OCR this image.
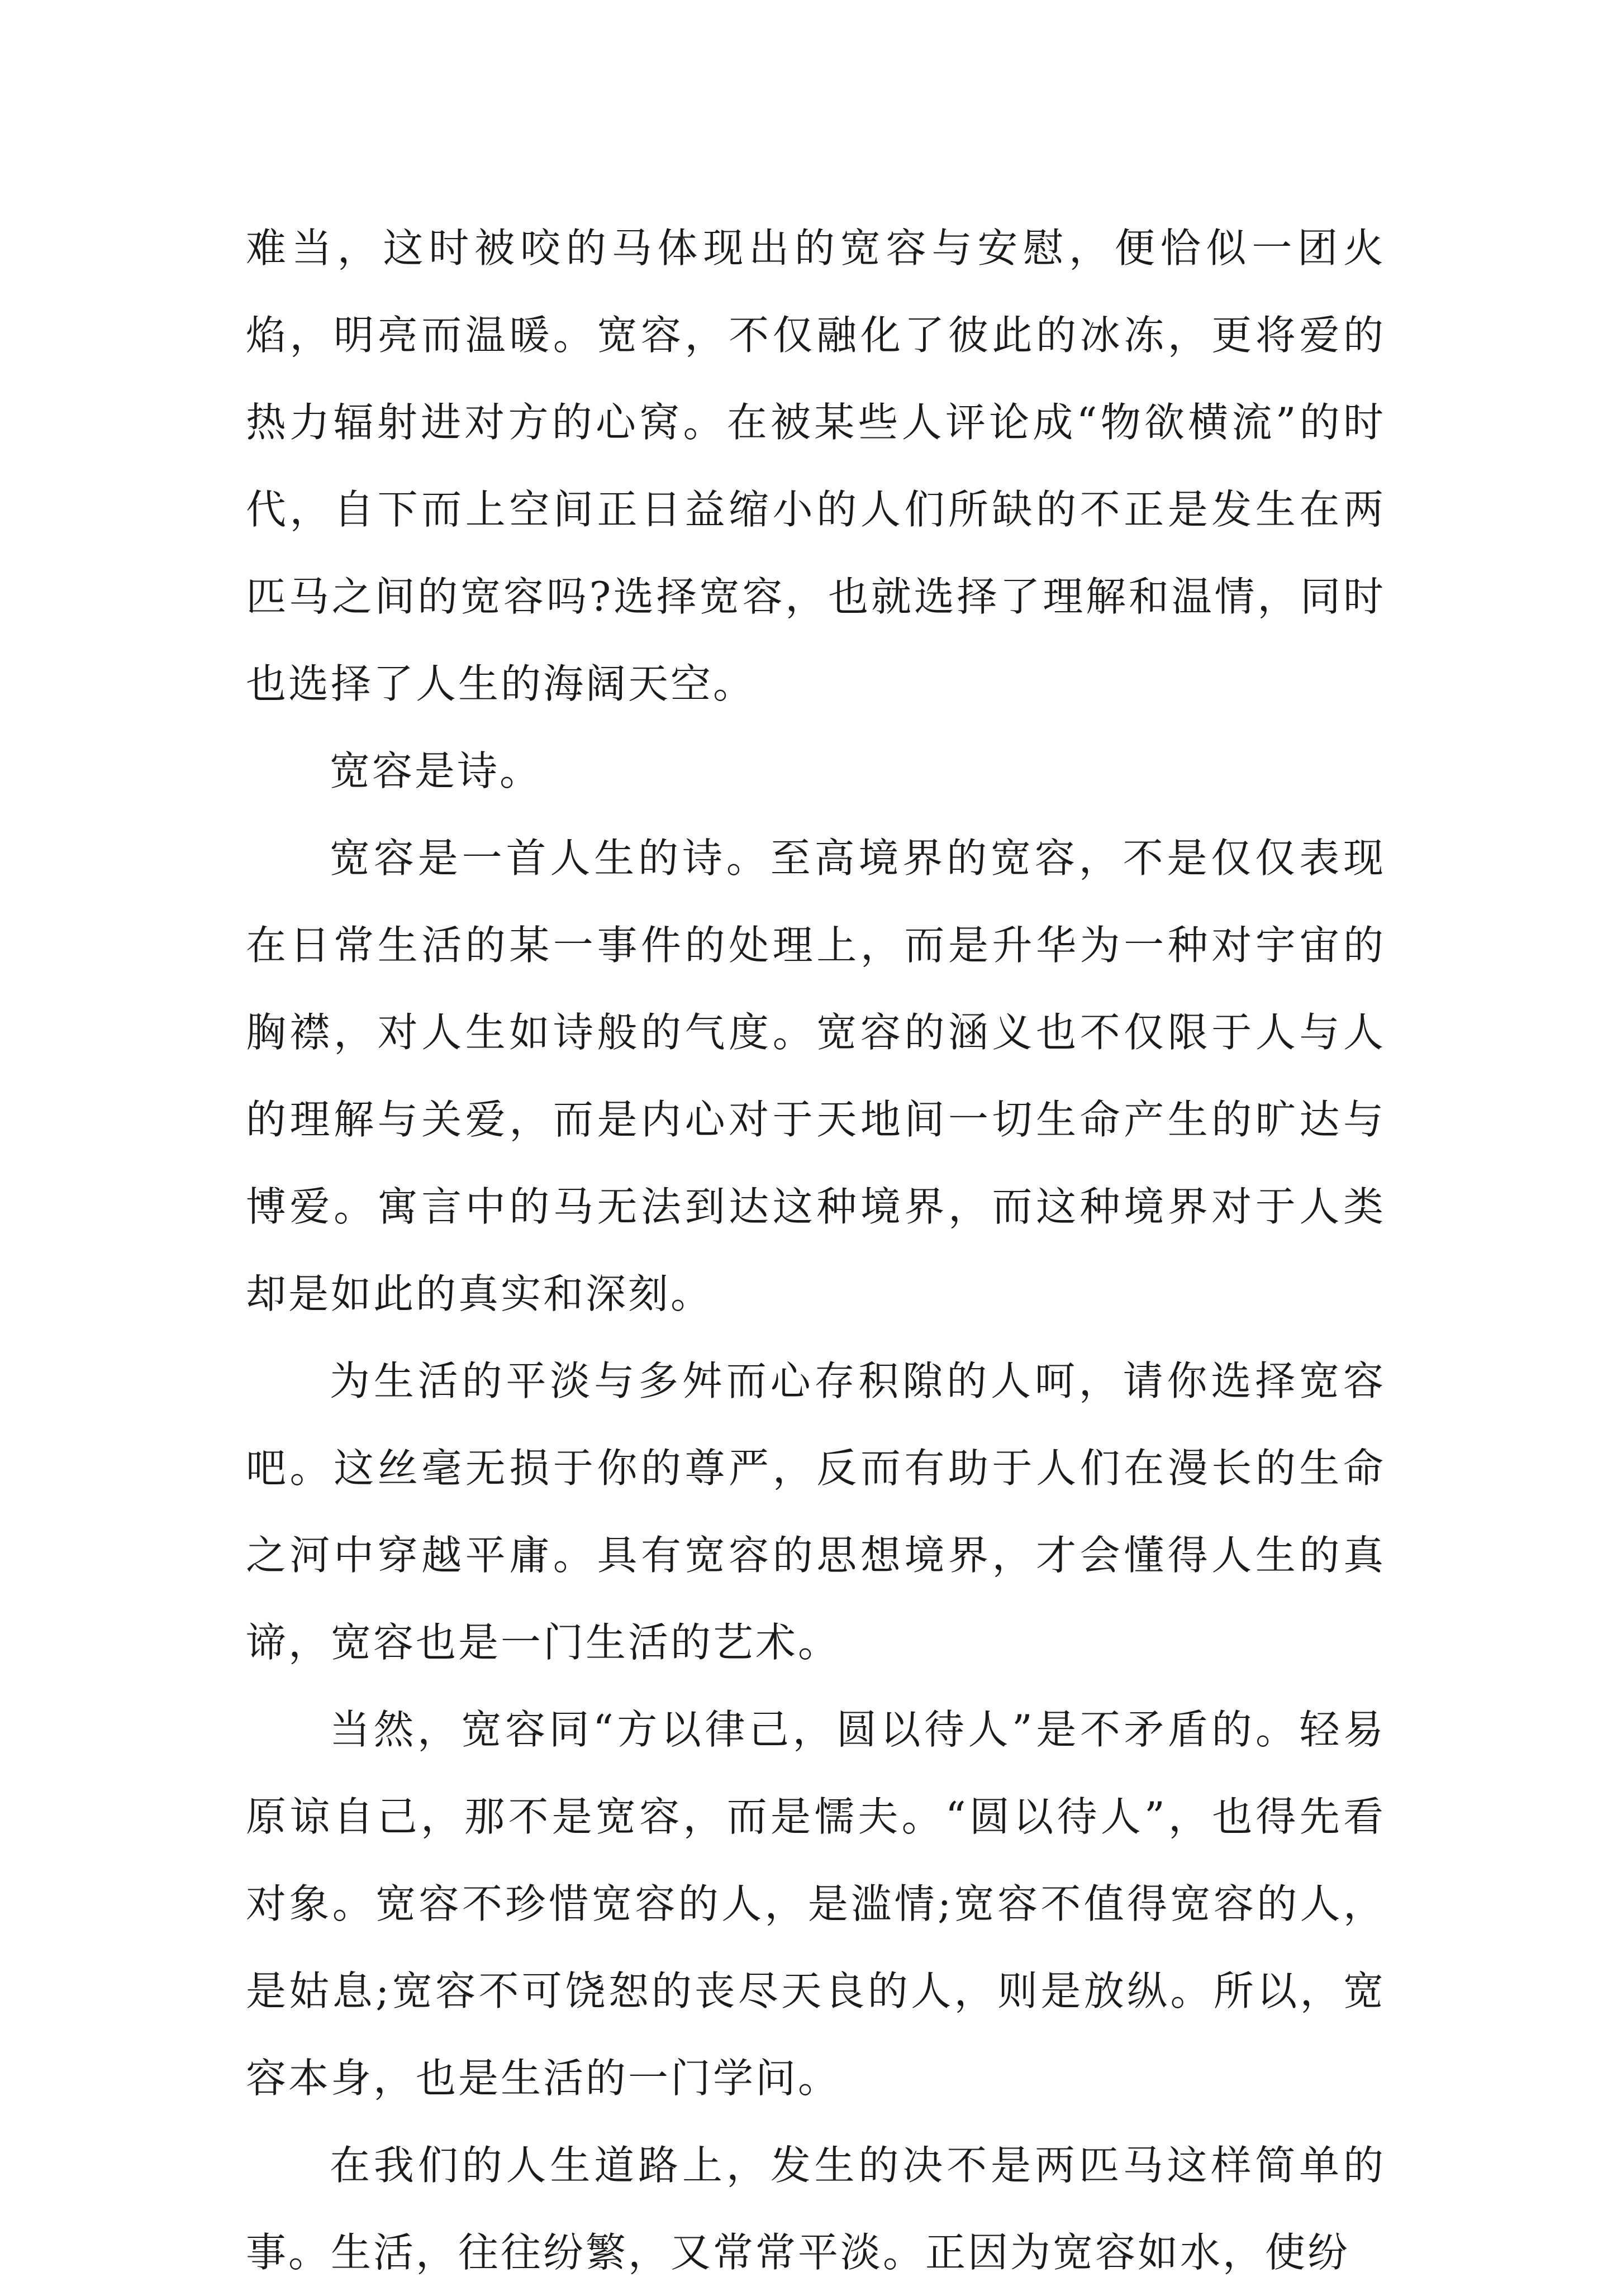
难当，这时被咬的马体现出的宽容与安慰，便恰似一团火焰，明亮而温暖。宽容，不仅融化了彼此的冰冻，更将爱的热力辐射进对方的心窝。在被某些人评论成“物欲横流”的时代，自下而上空间正日益缩小的人们所缺的不正是发生在两匹马之间的宽容吗?选择宽容，也就选择了理解和温情，同时也选择了人生的海阔天空。

宽容是诗。

宽容是一首人生的诗。至高境界的宽容，不是仅仅表现在日常生活的某一事件的处理上，而是升华为一种对宇宙的胸襟，对人生如诗般的气度。宽容的涵义也不仅限于人与人的理解与关爱，而是内心对于天地间一切生命产生的旷达与博爱。寓言中的马无法到达这种境界，而这种境界对于人类却是如此的真实和深刻。

为生活的平淡与多舛而心存积隙的人呵，请你选择宽容吧。这丝毫无损于你的尊严，反而有助于人们在漫长的生命之河中穿越平庸。具有宽容的思想境界，才会懂得人生的真谛，宽容也是一门生活的艺术。

当然，宽容同“方以律己，圆以待人”是不矛盾的。轻易原谅自己，那不是宽容，而是懦夫。“圆以待人”，也得先看对象。宽容不珍惜宽容的人，是滥情;宽容不值得宽容的人，是姑息;宽容不可饶恕的丧尽天良的人，则是放纵。所以，宽容本身，也是生活的一门学问。

在我们的人生道路上，发生的决不是两匹马这样简单的事。生活，往往纷繁，又常常平淡。正因为宽容如水，使纷
